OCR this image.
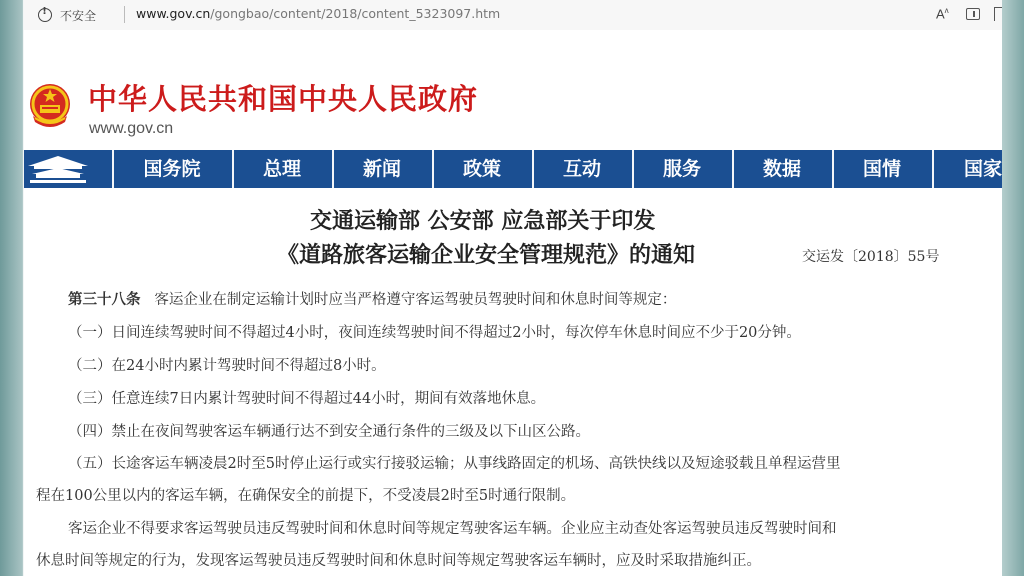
!
不安全	www.gov.cn/gongbao/content/2018/content_5323097.htm	$A^ʌ$
中华人民共和国中央人民政府
www.gov.cn
国务院	总理	新闻	政策	互动	服务	数据	国情	国家
交通运输部 公安部 应急部关于印发
《道路旅客运输企业安全管理规范》的通知	交运发〔2018〕55号
第三十八条 客运企业在制定运输计划时应当严格遵守客运驾驶员驾驶时间和休息时间等规定：
（一）日间连续驾驶时间不得超过4小时，夜间连续驾驶时间不得超过2小时，每次停车休息时间应不少于20分钟。
（二）在24小时内累计驾驶时间不得超过8小时。
（三）任意连续7日内累计驾驶时间不得超过44小时，期间有效落地休息。
（四）禁止在夜间驾驶客运车辆通行达不到安全通行条件的三级及以下山区公路。
（五）长途客运车辆凌晨2时至5时停止运行或实行接驳运输；从事线路固定的机场、高铁快线以及短途驳载且单程运营里
程在100公里以内的客运车辆，在确保安全的前提下，不受凌晨2时至5时通行限制。
客运企业不得要求客运驾驶员违反驾驶时间和休息时间等规定驾驶客运车辆。企业应主动查处客运驾驶员违反驾驶时间和
休息时间等规定的行为，发现客运驾驶员违反驾驶时间和休息时间等规定驾驶客运车辆时，应及时采取措施纠正。
